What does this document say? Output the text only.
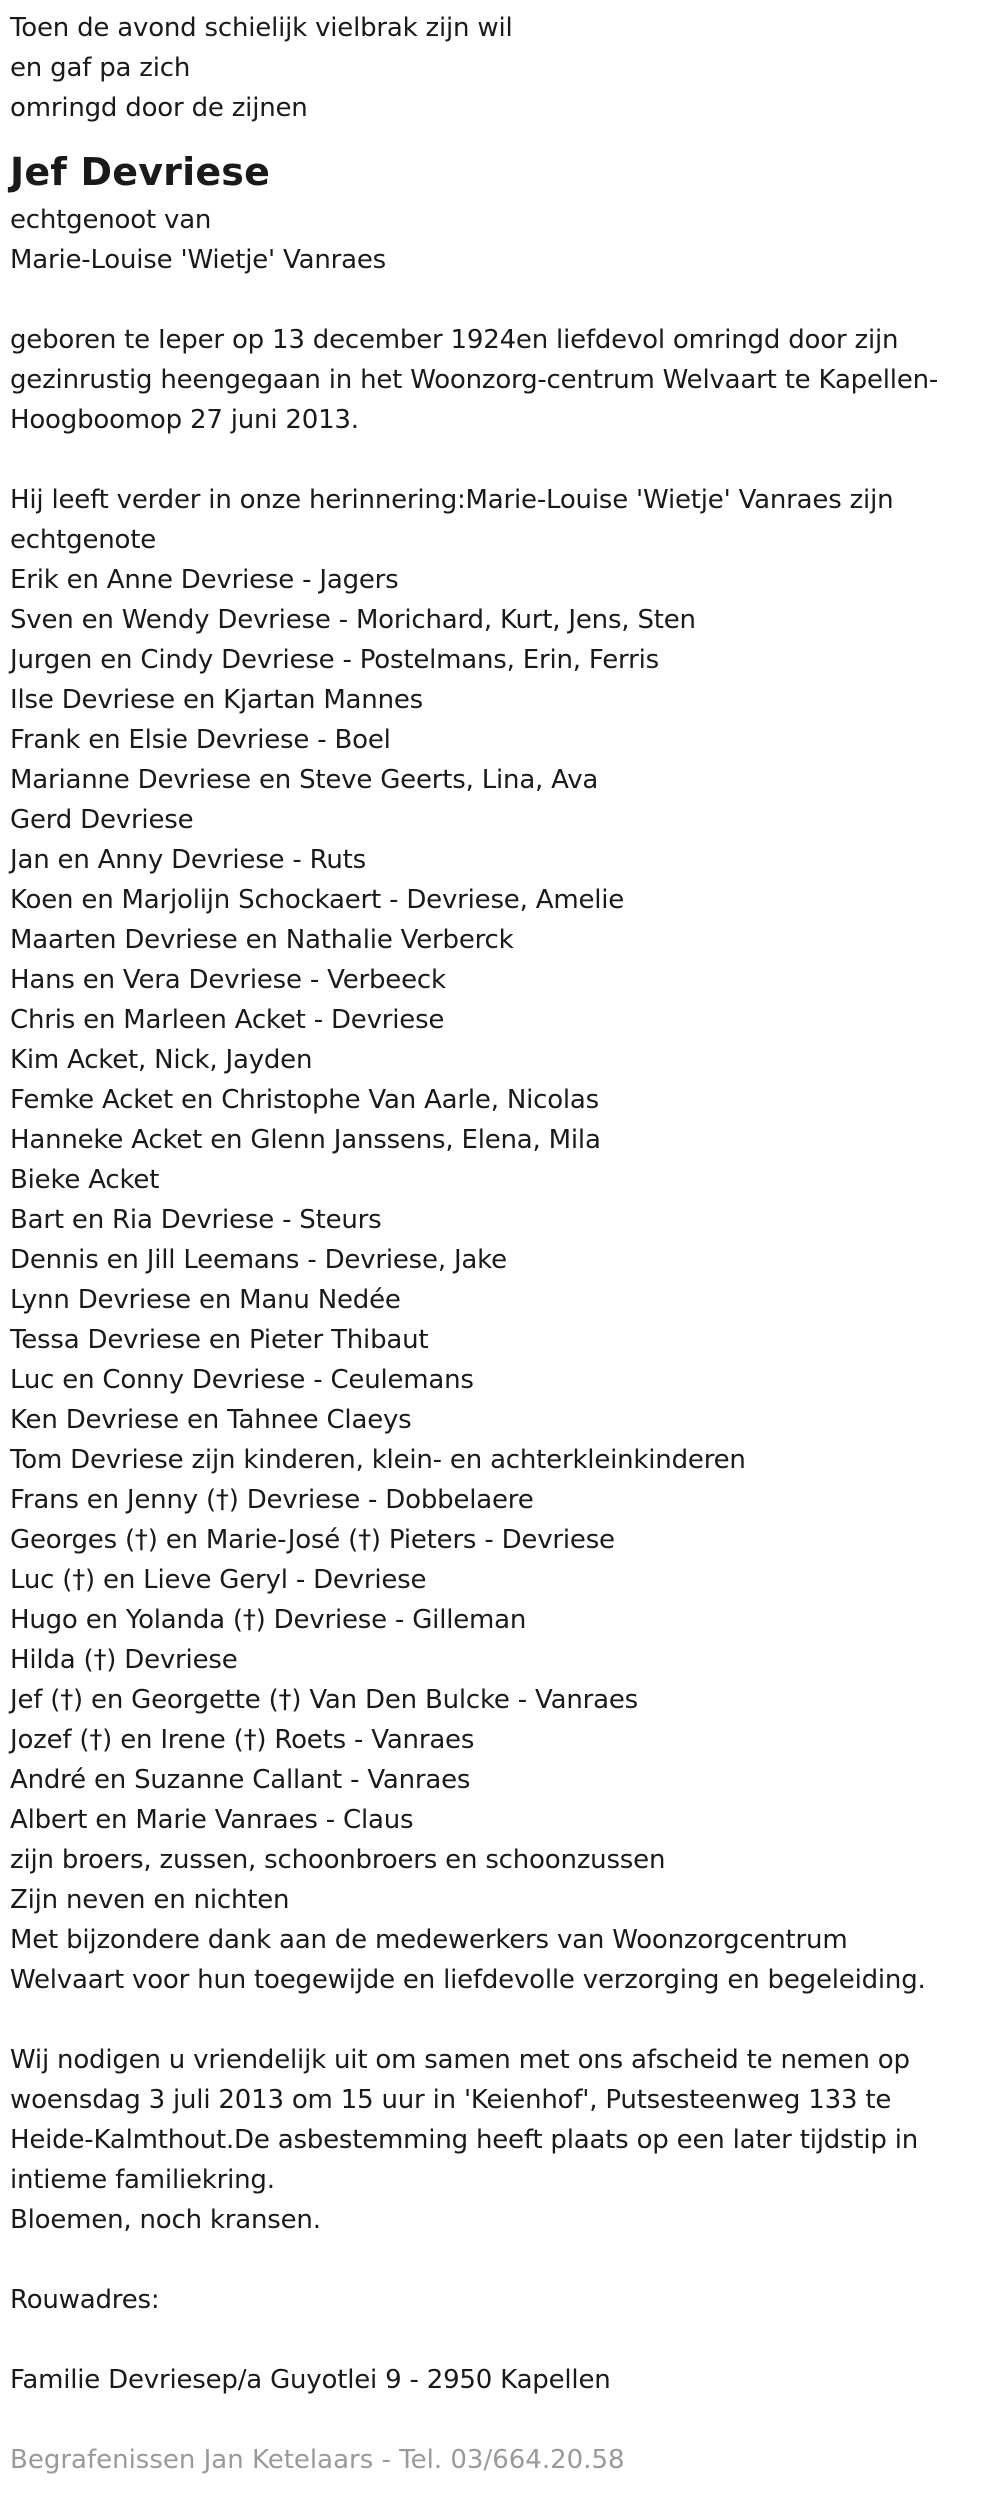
Toen de avond schielijk vielbrak zijn wil
en gaf pa zich
omringd door de zijnen
Jef Devriese
echtgenoot van
Marie-Louise 'Wietje' Vanraes
geboren te Ieper op 13 december 1924en liefdevol omringd door zijn
gezinrustig heengegaan in het Woonzorg-centrum Welvaart te Kapellen-
Hoogboomop 27 juni 2013.
Hij leeft verder in onze herinnering:Marie-Louise 'Wietje' Vanraes zijn
echtgenote
Erik en Anne Devriese - Jagers
Sven en Wendy Devriese - Morichard, Kurt, Jens, Sten
Jurgen en Cindy Devriese - Postelmans, Erin, Ferris
Ilse Devriese en Kjartan Mannes
Frank en Elsie Devriese - Boel
Marianne Devriese en Steve Geerts, Lina, Ava
Gerd Devriese
Jan en Anny Devriese - Ruts
Koen en Marjolijn Schockaert - Devriese, Amelie
Maarten Devriese en Nathalie Verberck
Hans en Vera Devriese - Verbeeck
Chris en Marleen Acket - Devriese
Kim Acket, Nick, Jayden
Femke Acket en Christophe Van Aarle, Nicolas
Hanneke Acket en Glenn Janssens, Elena, Mila
Bieke Acket
Bart en Ria Devriese - Steurs
Dennis en Jill Leemans - Devriese, Jake
Lynn Devriese en Manu Nedée
Tessa Devriese en Pieter Thibaut
Luc en Conny Devriese - Ceulemans
Ken Devriese en Tahnee Claeys
Tom Devriese zijn kinderen, klein- en achterkleinkinderen
Frans en Jenny (†) Devriese - Dobbelaere
Georges (†) en Marie-José (†) Pieters - Devriese
Luc (†) en Lieve Geryl - Devriese
Hugo en Yolanda (†) Devriese - Gilleman
Hilda (†) Devriese
Jef (†) en Georgette (†) Van Den Bulcke - Vanraes
Jozef (†) en Irene (†) Roets - Vanraes
André en Suzanne Callant - Vanraes
Albert en Marie Vanraes - Claus
zijn broers, zussen, schoonbroers en schoonzussen
Zijn neven en nichten
Met bijzondere dank aan de medewerkers van Woonzorgcentrum
Welvaart voor hun toegewijde en liefdevolle verzorging en begeleiding.
Wij nodigen u vriendelijk uit om samen met ons afscheid te nemen op
woensdag 3 juli 2013 om 15 uur in 'Keienhof', Putsesteenweg 133 te
Heide-Kalmthout.De asbestemming heeft plaats op een later tijdstip in
intieme familiekring.
Bloemen, noch kransen.
Rouwadres:
Familie Devriesep/a Guyotlei 9 - 2950 Kapellen
Begrafenissen Jan Ketelaars - Tel. 03/664.20.58
